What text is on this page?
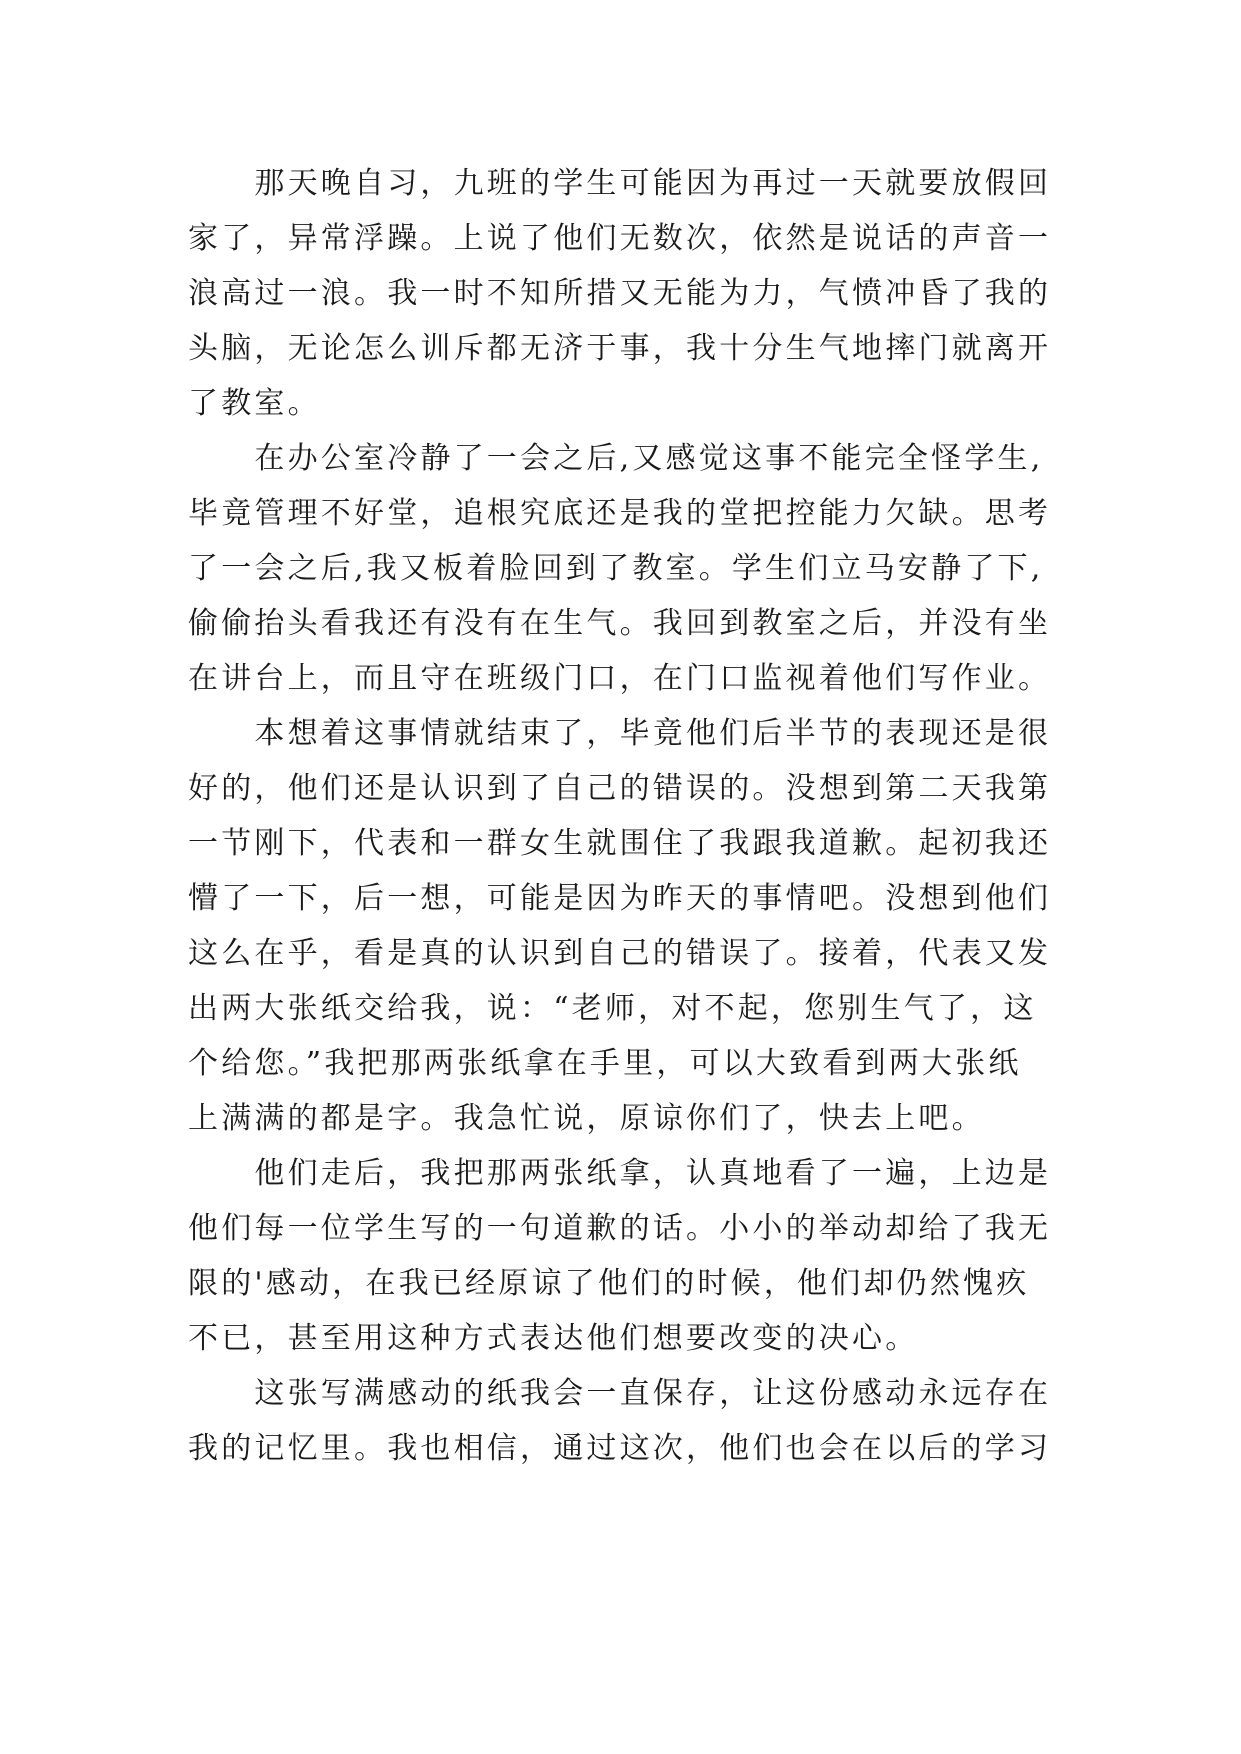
　　那天晚自习，九班的学生可能因为再过一天就要放假回
家了，异常浮躁。上说了他们无数次，依然是说话的声音一
浪高过一浪。我一时不知所措又无能为力，气愤冲昏了我的
头脑，无论怎么训斥都无济于事，我十分生气地摔门就离开
了教室。
　　在办公室冷静了一会之后,又感觉这事不能完全怪学生,
毕竟管理不好堂，追根究底还是我的堂把控能力欠缺。思考
了一会之后,我又板着脸回到了教室。学生们立马安静了下,
偷偷抬头看我还有没有在生气。我回到教室之后，并没有坐
在讲台上，而且守在班级门口，在门口监视着他们写作业。
　　本想着这事情就结束了，毕竟他们后半节的表现还是很
好的，他们还是认识到了自己的错误的。没想到第二天我第
一节刚下，代表和一群女生就围住了我跟我道歉。起初我还
懵了一下，后一想，可能是因为昨天的事情吧。没想到他们
这么在乎，看是真的认识到自己的错误了。接着，代表又发
出两大张纸交给我，说：“老师，对不起，您别生气了，这
个给您。”我把那两张纸拿在手里，可以大致看到两大张纸
上满满的都是字。我急忙说，原谅你们了，快去上吧。
　　他们走后，我把那两张纸拿，认真地看了一遍，上边是
他们每一位学生写的一句道歉的话。小小的举动却给了我无
限的'感动，在我已经原谅了他们的时候，他们却仍然愧疚
不已，甚至用这种方式表达他们想要改变的决心。
　　这张写满感动的纸我会一直保存，让这份感动永远存在
我的记忆里。我也相信，通过这次，他们也会在以后的学习
